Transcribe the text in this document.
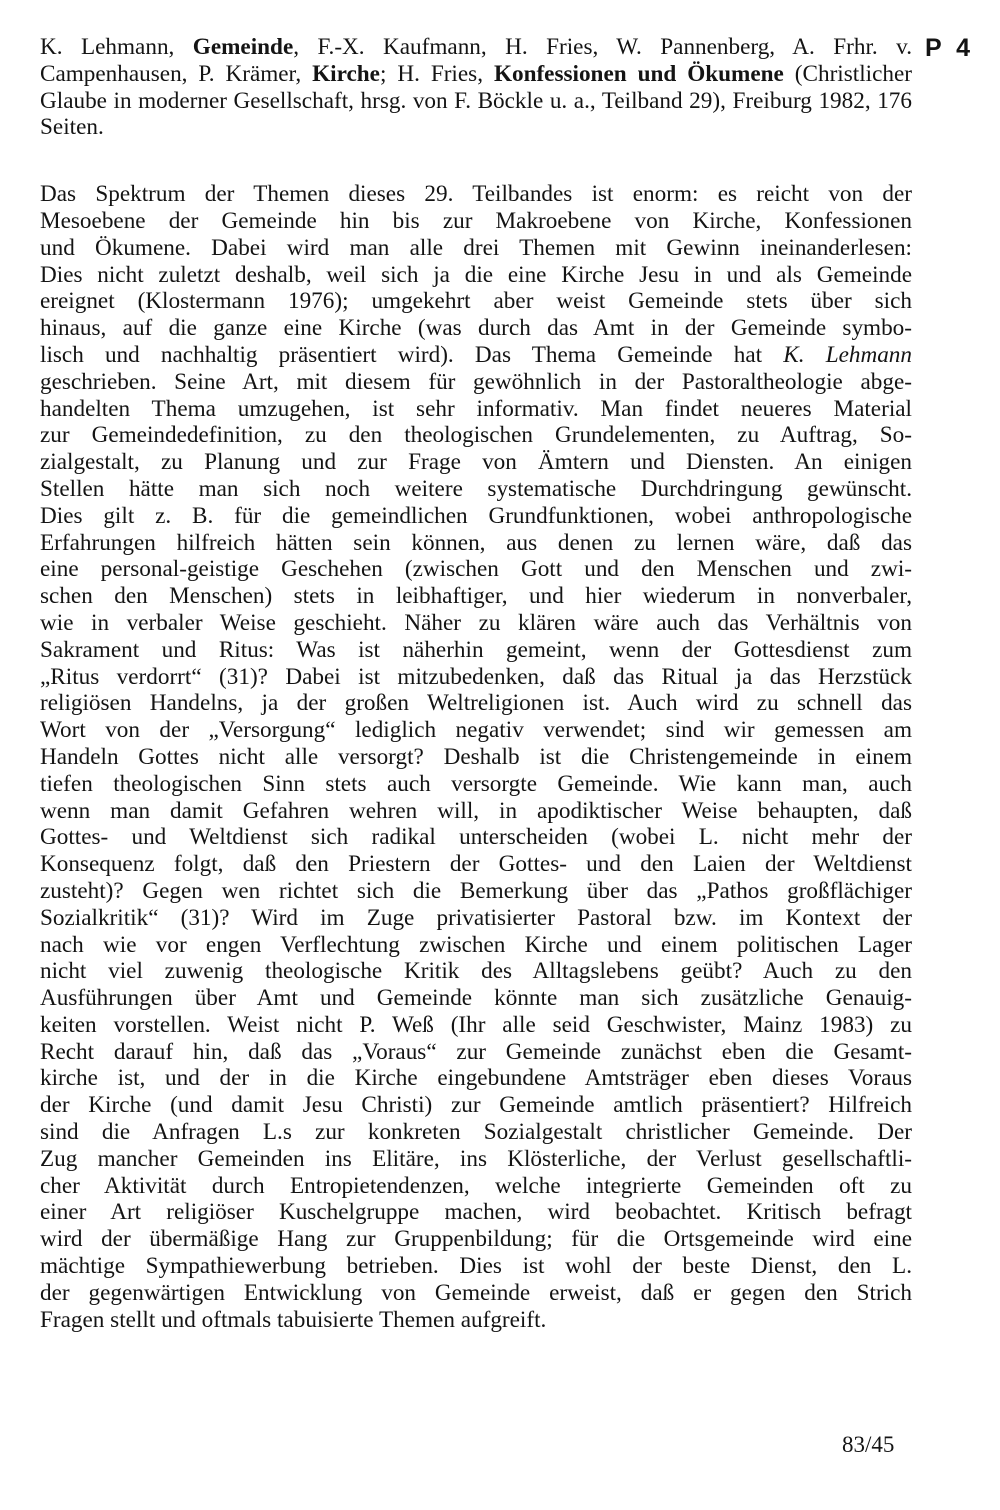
P 4

K. Lehmann, Gemeinde, F.-X. Kaufmann, H. Fries, W. Pannenberg, A. Frhr. v. Campenhausen, P. Krämer, Kirche; H. Fries, Konfessionen und Ökumene (Christlicher Glaube in moderner Gesellschaft, hrsg. von F. Böckle u. a., Teilband 29), Freiburg 1982, 176 Seiten.

Das Spektrum der Themen dieses 29. Teilbandes ist enorm: es reicht von der
Mesoebene der Gemeinde hin bis zur Makroebene von Kirche, Konfessionen
und Ökumene. Dabei wird man alle drei Themen mit Gewinn ineinanderlesen:
Dies nicht zuletzt deshalb, weil sich ja die eine Kirche Jesu in und als Gemeinde
ereignet (Klostermann 1976); umgekehrt aber weist Gemeinde stets über sich
hinaus, auf die ganze eine Kirche (was durch das Amt in der Gemeinde symbo-
lisch und nachhaltig präsentiert wird). Das Thema Gemeinde hat K. Lehmann
geschrieben. Seine Art, mit diesem für gewöhnlich in der Pastoraltheologie abge-
handelten Thema umzugehen, ist sehr informativ. Man findet neueres Material
zur Gemeindedefinition, zu den theologischen Grundelementen, zu Auftrag, So-
zialgestalt, zu Planung und zur Frage von Ämtern und Diensten. An einigen
Stellen hätte man sich noch weitere systematische Durchdringung gewünscht.
Dies gilt z. B. für die gemeindlichen Grundfunktionen, wobei anthropologische
Erfahrungen hilfreich hätten sein können, aus denen zu lernen wäre, daß das
eine personal-geistige Geschehen (zwischen Gott und den Menschen und zwi-
schen den Menschen) stets in leibhaftiger, und hier wiederum in nonverbaler,
wie in verbaler Weise geschieht. Näher zu klären wäre auch das Verhältnis von
Sakrament und Ritus: Was ist näherhin gemeint, wenn der Gottesdienst zum
„Ritus verdorrt“ (31)? Dabei ist mitzubedenken, daß das Ritual ja das Herzstück
religiösen Handelns, ja der großen Weltreligionen ist. Auch wird zu schnell das
Wort von der „Versorgung“ lediglich negativ verwendet; sind wir gemessen am
Handeln Gottes nicht alle versorgt? Deshalb ist die Christengemeinde in einem
tiefen theologischen Sinn stets auch versorgte Gemeinde. Wie kann man, auch
wenn man damit Gefahren wehren will, in apodiktischer Weise behaupten, daß
Gottes- und Weltdienst sich radikal unterscheiden (wobei L. nicht mehr der
Konsequenz folgt, daß den Priestern der Gottes- und den Laien der Weltdienst
zusteht)? Gegen wen richtet sich die Bemerkung über das „Pathos großflächiger
Sozialkritik“ (31)? Wird im Zuge privatisierter Pastoral bzw. im Kontext der
nach wie vor engen Verflechtung zwischen Kirche und einem politischen Lager
nicht viel zuwenig theologische Kritik des Alltagslebens geübt? Auch zu den
Ausführungen über Amt und Gemeinde könnte man sich zusätzliche Genauig-
keiten vorstellen. Weist nicht P. Weß (Ihr alle seid Geschwister, Mainz 1983) zu
Recht darauf hin, daß das „Voraus“ zur Gemeinde zunächst eben die Gesamt-
kirche ist, und der in die Kirche eingebundene Amtsträger eben dieses Voraus
der Kirche (und damit Jesu Christi) zur Gemeinde amtlich präsentiert? Hilfreich
sind die Anfragen L.s zur konkreten Sozialgestalt christlicher Gemeinde. Der
Zug mancher Gemeinden ins Elitäre, ins Klösterliche, der Verlust gesellschaftli-
cher Aktivität durch Entropietendenzen, welche integrierte Gemeinden oft zu
einer Art religiöser Kuschelgruppe machen, wird beobachtet. Kritisch befragt
wird der übermäßige Hang zur Gruppenbildung; für die Ortsgemeinde wird eine
mächtige Sympathiewerbung betrieben. Dies ist wohl der beste Dienst, den L.
der gegenwärtigen Entwicklung von Gemeinde erweist, daß er gegen den Strich
Fragen stellt und oftmals tabuisierte Themen aufgreift.
83/45
